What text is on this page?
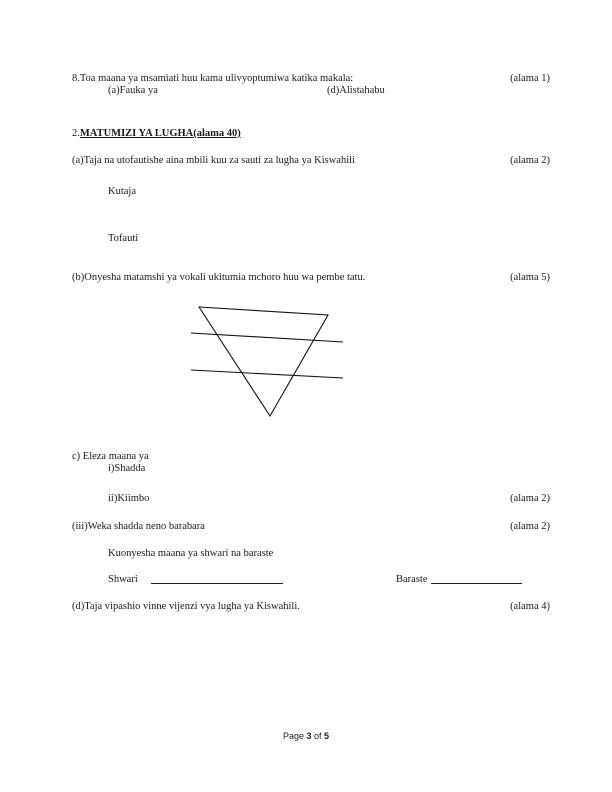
8.Toa maana ya msamiati huu kama ulivyoptumiwa katika makala:	(alama 1)
(a)Fauka ya	(d)Alistahabu
2.MATUMIZI YA LUGHA(alama 40)
(a)Taja na utofautishe aina mbili kuu za sauti za lugha ya Kiswahili	(alama 2)
Kutaja
Tofauti
(b)Onyesha matamshi ya vokali ukitumia mchoro huu wa pembe tatu.	(alama 5)
c) Eleza maana ya
i)Shadda
ii)Kiimbo	(alama 2)
(iii)Weka shadda neno barabara	(alama 2)
Kuonyesha maana ya shwari na baraste
Shwari	Baraste
(d)Taja vipashio vinne vijenzi vya lugha ya Kiswahili.	(alama 4)
Page 3 of 5
